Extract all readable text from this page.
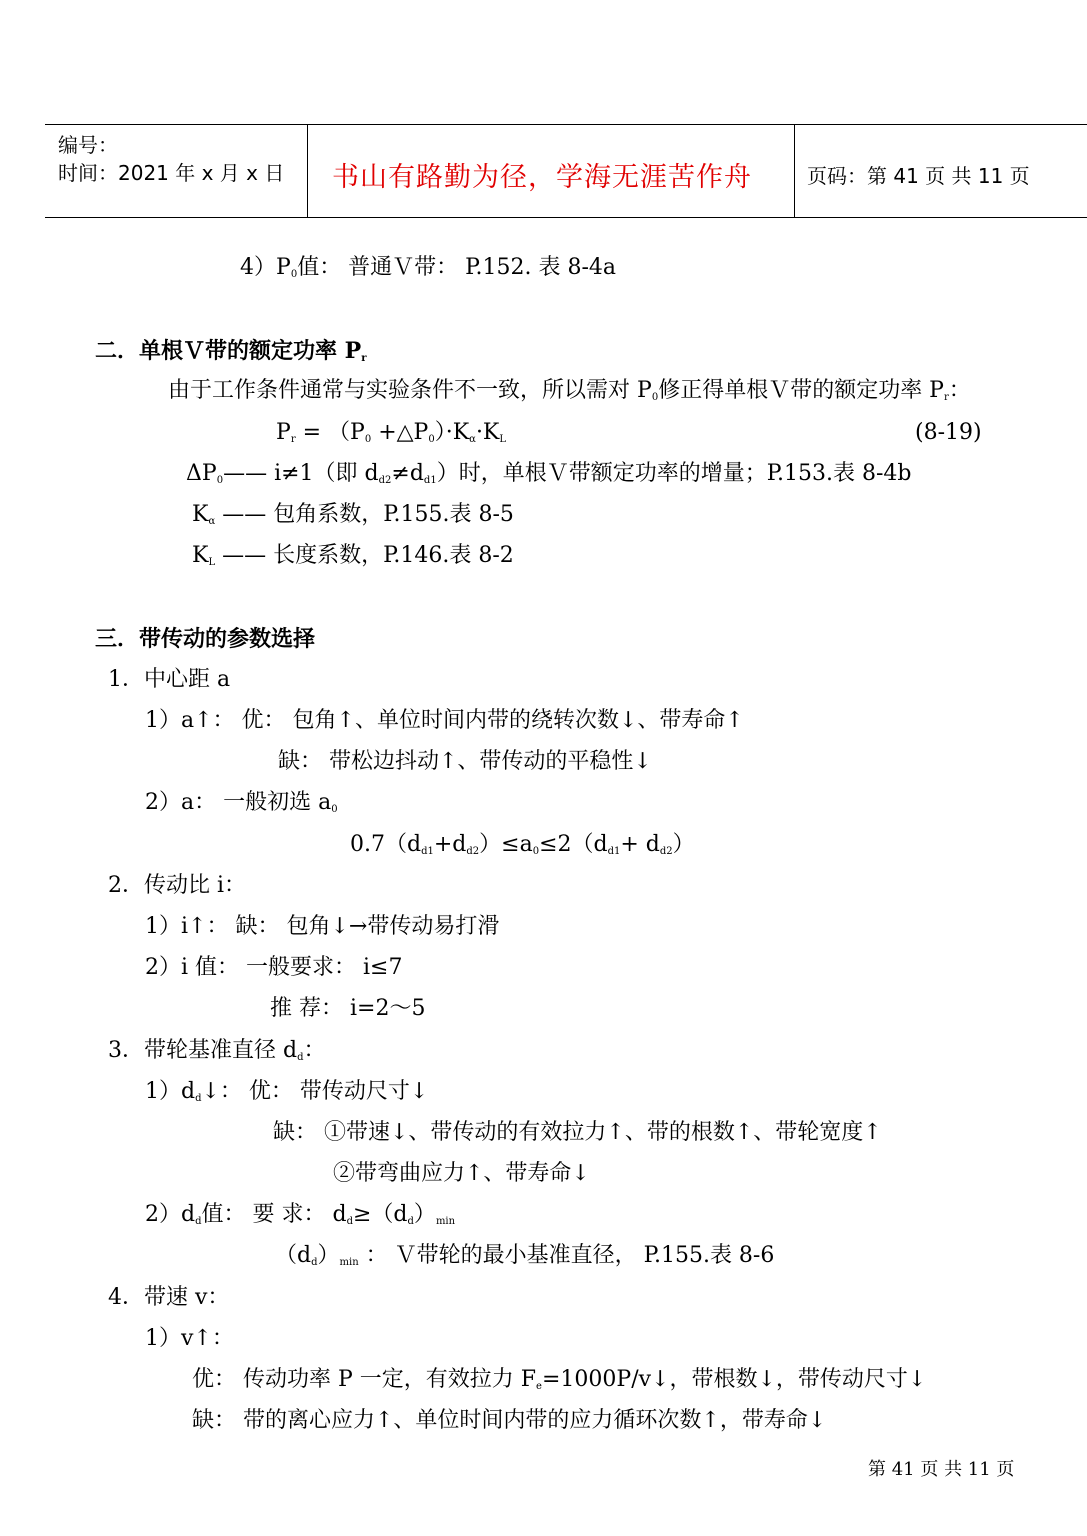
编号：
时间：2021 年 x 月 x 日 书山有路勤为径，学海无涯苦作舟	页码：第 41 页 共 11 页
$4)P_0$值： 普通Ｖ带： P.152. 表 8-4a
二．单根Ｖ带的额定功率 $P_r$
由于工作条件通常与实验条件不一致，所以需对 $P_0$修正得单根Ｖ带的额定功率 $P_r$：
$P_r = (P_0$ $+\triangle P_0)\cdot K_\alpha\cdot K_L$	(8-19)
$\Delta P_0——$ i≠1（即 $d_{d2}\ne d_{d1}$）时，单根Ｖ带额定功率的增量；P.153.表 8-4b
$K_\alpha$ —— 包角系数，P.155.表 8-5
$K_L$ —— 长度系数，P.146.表 8-2
三．带传动的参数选择
1．中心距 a
1）a↑： 优： 包角↑、单位时间内带的绕转次数↓、带寿命↑
缺： 带松边抖动↑、带传动的平稳性↓
2）a： 一般初选 $a_0$
$0.7(d_{d1}+d_{d2})\le a_0\le 2(d_{d1}+ d_{d2})$
2．传动比 i：
1）i↑： 缺： 包角↓→带传动易打滑
2）i 值： 一般要求： i≤7
推 荐： i=2～5
3．带轮基准直径 $d_d$：
$1)d_d↓$： 优： 带传动尺寸↓
缺： ①带速↓、带传动的有效拉力↑、带的根数↑、带轮宽度↑
②带弯曲应力↑、带寿命↓
$2)d_d$值： 要 求： $d_d\ge(d_d)_{min}$
$(d_d)_{min}$ ： Ｖ带轮的最小基准直径， P.155.表 8-6
4．带速 v：
1）v↑：
优： 传动功率 P 一定，有效拉力 $F_e=1000P/v↓$，带根数↓，带传动尺寸↓
缺： 带的离心应力↑、单位时间内带的应力循环次数↑，带寿命↓
第 41 页 共 11 页
